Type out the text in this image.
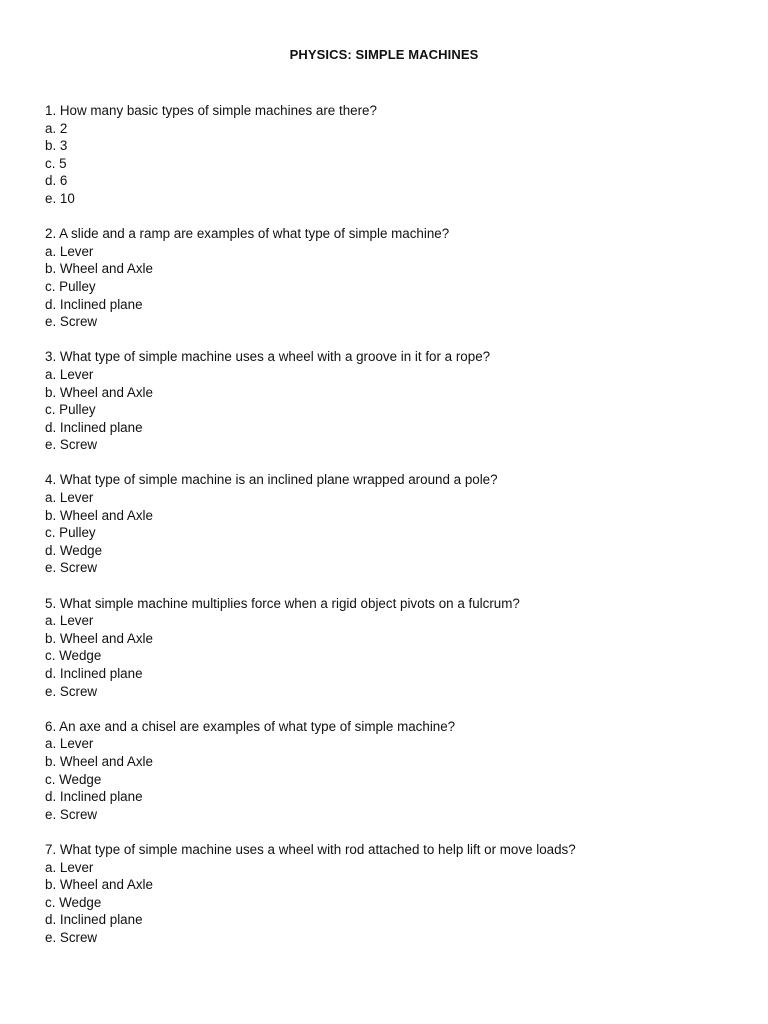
PHYSICS: SIMPLE MACHINES
1. How many basic types of simple machines are there?
a. 2
b. 3
c. 5
d. 6
e. 10
2. A slide and a ramp are examples of what type of simple machine?
a. Lever
b. Wheel and Axle
c. Pulley
d. Inclined plane
e. Screw
3. What type of simple machine uses a wheel with a groove in it for a rope?
a. Lever
b. Wheel and Axle
c. Pulley
d. Inclined plane
e. Screw
4. What type of simple machine is an inclined plane wrapped around a pole?
a. Lever
b. Wheel and Axle
c. Pulley
d. Wedge
e. Screw
5. What simple machine multiplies force when a rigid object pivots on a fulcrum?
a. Lever
b. Wheel and Axle
c. Wedge
d. Inclined plane
e. Screw
6. An axe and a chisel are examples of what type of simple machine?
a. Lever
b. Wheel and Axle
c. Wedge
d. Inclined plane
e. Screw
7. What type of simple machine uses a wheel with rod attached to help lift or move loads?
a. Lever
b. Wheel and Axle
c. Wedge
d. Inclined plane
e. Screw
